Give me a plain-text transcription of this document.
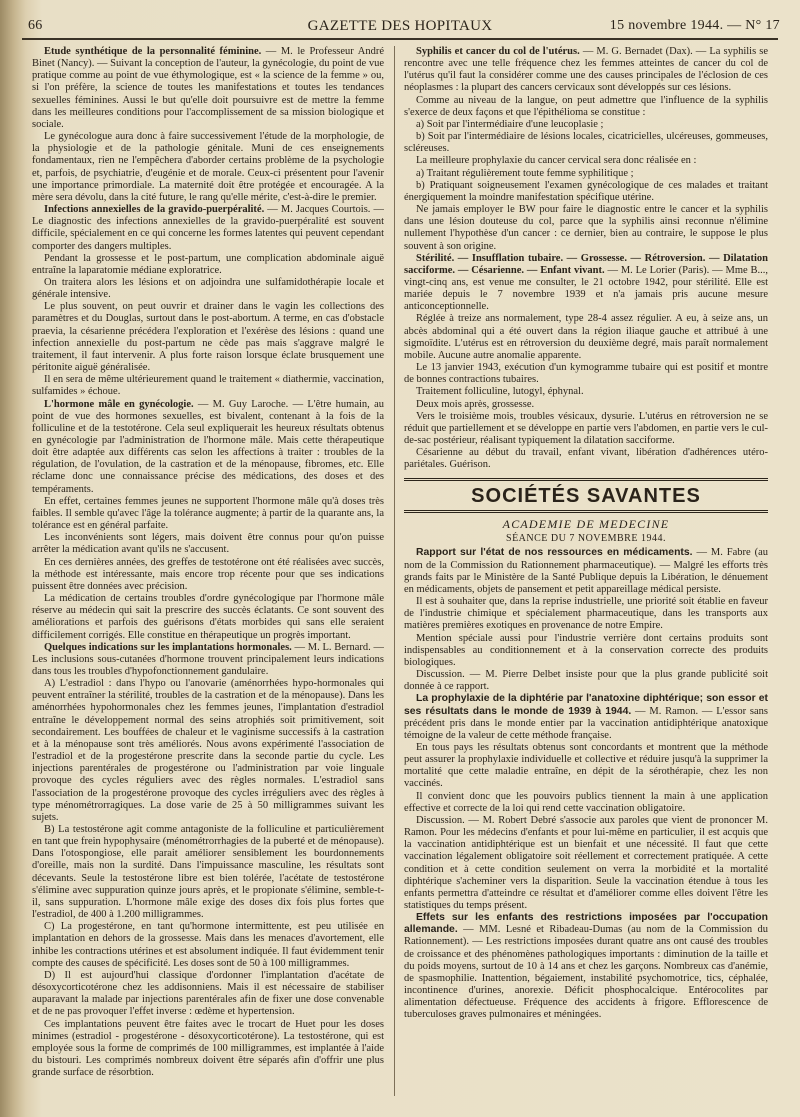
66	GAZETTE DES HOPITAUX	15 novembre 1944. — N° 17

Etude synthétique de la personnalité féminine. — M. le Professeur André Binet (Nancy). — Suivant la conception de l'auteur, la gynécologie, du point de vue pratique comme au point de vue éthymologique, est « la science de la femme » ou, si l'on préfère, la science de toutes les manifestations et toutes les tendances sexuelles féminines. Aussi le but qu'elle doit poursuivre est de mettre la femme dans les meilleures conditions pour l'accomplissement de sa mission biologique et sociale.

Le gynécologue aura donc à faire successivement l'étude de la morphologie, de la physiologie et de la pathologie génitale. Muni de ces enseignements fondamentaux, rien ne l'empêchera d'aborder certains problème de la psychologie et, parfois, de psychiatrie, d'eugénie et de morale. Ceux-ci présentent pour l'avenir une importance primordiale. La maternité doit être protégée et encouragée. A la mère sera dévolu, dans la cité future, le rang qu'elle mérite, c'est-à-dire le premier.

Infections annexielles de la gravido-puerpéralité. — M. Jacques Courtois. — Le diagnostic des infections annexielles de la gravido-puerpéralité est souvent difficile, spécialement en ce qui concerne les formes latentes qui peuvent cependant comporter des dangers multiples.

Pendant la grossesse et le post-partum, une complication abdominale aiguë entraîne la laparatomie médiane exploratrice.

On traitera alors les lésions et on adjoindra une sulfamidothérapie locale et générale intensive.

Le plus souvent, on peut ouvrir et drainer dans le vagin les collections des paramètres et du Douglas, surtout dans le post-abortum. A terme, en cas d'obstacle praevia, la césarienne précédera l'exploration et l'exérèse des lésions : quand une infection annexielle du post-partum ne cède pas mais s'aggrave malgré le traitement, il faut intervenir. A plus forte raison lorsque éclate brusquement une péritonite aiguë généralisée.

Il en sera de même ultérieurement quand le traitement « diathermie, vaccination, sulfamides » échoue.

L'hormone mâle en gynécologie. — M. Guy Laroche. — L'être humain, au point de vue des hormones sexuelles, est bivalent, contenant à la fois de la folliculine et de la testotérone. Cela seul expliquerait les heureux résultats obtenus en gynécologie par l'administration de l'hormone mâle. Mais cette thérapeutique doit être adaptée aux différents cas selon les affections à traiter : troubles de la régulation, de l'ovulation, de la castration et de la ménopause, fibromes, etc. Elle réclame donc une connaissance précise des médications, des doses et des tempéraments.

En effet, certaines femmes jeunes ne supportent l'hormone mâle qu'à doses très faibles. Il semble qu'avec l'âge la tolérance augmente; à partir de la quarante ans, la tolérance est en général parfaite.

Les inconvénients sont légers, mais doivent être connus pour qu'on puisse arrêter la médication avant qu'ils ne s'accusent.

En ces dernières années, des greffes de testotérone ont été réalisées avec succès, la méthode est intéressante, mais encore trop récente pour que ses indications puissent être données avec précision.

La médication de certains troubles d'ordre gynécologique par l'hormone mâle réserve au médecin qui sait la prescrire des succès éclatants. Ce sont souvent des améliorations et parfois des guérisons d'états morbides qui sans elle seraient difficilement corrigés. Elle constitue en thérapeutique un progrès important.

Quelques indications sur les implantations hormonales. — M. L. Bernard. — Les inclusions sous-cutanées d'hormone trouvent principalement leurs indications dans tous les troubles d'hypofonctionnement gandulaire.

A) L'estradiol : dans l'hypo ou l'anovarie (aménorrhées hypo-hormonales qui peuvent entraîner la stérilité, troubles de la castration et de la ménopause). Dans les aménorrhées hypohormonales chez les femmes jeunes, l'implantation d'estradiol entraîne le développement normal des seins atrophiés soit primitivement, soit secondairement. Les bouffées de chaleur et le vaginisme successifs à la castration et à la ménopause sont très améliorés. Nous avons expérimenté l'association de l'estradiol et de la progestérone prescrite dans la seconde partie du cycle. Les injections parentérales de progestérone ou l'administration par voie linguale provoque des cycles réguliers avec des règles normales. L'estradiol sans l'association de la progestérone provoque des cycles irréguliers avec des règles à type ménométrorragiques. La dose varie de 25 à 50 milligrammes suivant les sujets.

B) La testostérone agit comme antagoniste de la folliculine et particulièrement en tant que frein hypophysaire (ménométrorrhagies de la puberté et de ménopause). Dans l'otospongiose, elle parait améliorer sensiblement les bourdonnements d'oreille, mais non la surdité. Dans l'impuissance masculine, les résultats sont décevants. Seule la testostérone libre est bien tolérée, l'acétate de testostérone s'élimine avec suppuration quinze jours après, et le propionate s'élimine, semble-t-il, sans suppuration. L'hormone mâle exige des doses dix fois plus fortes que l'estradiol, de 400 à 1.200 milligrammes.

C) La progestérone, en tant qu'hormone intermittente, est peu utilisée en implantation en dehors de la grossesse. Mais dans les menaces d'avortement, elle inhibe les contractions utérines et est absolument indiquée. Il faut évidemment tenir compte des causes de spécificité. Les doses sont de 50 à 100 milligrammes.

D) Il est aujourd'hui classique d'ordonner l'implantation d'acétate de désoxycorticotérone chez les addisonniens. Mais il est nécessaire de stabiliser auparavant la malade par injections parentérales afin de fixer une dose convenable et de ne pas provoquer l'effet inverse : œdème et hypertension.

Ces implantations peuvent être faites avec le trocart de Huet pour les doses minimes (estradiol - progestérone - désoxycorticotérone). La testostérone, qui est employée sous la forme de comprimés de 100 milligrammes, est implantée à l'aide du bistouri. Les comprimés nombreux doivent être séparés afin d'offrir une plus grande surface de résorbtion.

Syphilis et cancer du col de l'utérus. — M. G. Bernadet (Dax). — La syphilis se rencontre avec une telle fréquence chez les femmes atteintes de cancer du col de l'utérus qu'il faut la considérer comme une des causes principales de l'éclosion de ces néoplasmes : la plupart des cancers cervicaux sont développés sur ces lésions.

Comme au niveau de la langue, on peut admettre que l'influence de la syphilis s'exerce de deux façons et que l'épithélioma se constitue :

a) Soit par l'intermédiaire d'une leucoplasie ;

b) Soit par l'intermédiaire de lésions locales, cicatricielles, ulcéreuses, gommeuses, scléreuses.

La meilleure prophylaxie du cancer cervical sera donc réalisée en :

a) Traitant régulièrement toute femme syphilitique ;

b) Pratiquant soigneusement l'examen gynécologique de ces malades et traitant énergiquement la moindre manifestation spécifique utérine.

Ne jamais employer le BW pour faire le diagnostic entre le cancer et la syphilis dans une lésion douteuse du col, parce que la syphilis ainsi reconnue n'élimine nullement l'hypothèse d'un cancer : ce dernier, bien au contraire, le suppose le plus souvent à son origine.

Stérilité. — Insufflation tubaire. — Grossesse. — Rétroversion. — Dilatation sacciforme. — Césarienne. — Enfant vivant. — M. Le Lorier (Paris). — Mme B..., vingt-cinq ans, est venue me consulter, le 21 octobre 1942, pour stérilité. Elle est mariée depuis le 7 novembre 1939 et n'a jamais pris aucune mesure anticonceptionnelle.

Réglée à treize ans normalement, type 28-4 assez régulier. A eu, à seize ans, un abcès abdominal qui a été ouvert dans la région iliaque gauche et attribué à une sigmoïdite. L'utérus est en rétroversion du deuxième degré, mais paraît normalement mobile. Aucune autre anomalie apparente.

Le 13 janvier 1943, exécution d'un kymogramme tubaire qui est positif et montre de bonnes contractions tubaires.

Traitement folliculine, lutogyl, éphynal.

Deux mois après, grossesse.

Vers le troisième mois, troubles vésicaux, dysurie. L'utérus en rétroversion ne se réduit que partiellement et se développe en partie vers l'abdomen, en partie vers le cul-de-sac postérieur, réalisant typiquement la dilatation sacciforme.

Césarienne au début du travail, enfant vivant, libération d'adhérences utéro-pariétales. Guérison.

SOCIÉTÉS SAVANTES
ACADEMIE DE MEDECINE
SÉANCE DU 7 NOVEMBRE 1944.

Rapport sur l'état de nos ressources en médicaments. — M. Fabre (au nom de la Commission du Rationnement pharmaceutique). — Malgré les efforts très grands faits par le Ministère de la Santé Publique depuis la Libération, le dénuement en médicaments, objets de pansement et petit appareillage médical persiste.

Il est à souhaiter que, dans la reprise industrielle, une priorité soit établie en faveur de l'industrie chimique et spécialement pharmaceutique, dans les transports aux matières premières exotiques en provenance de notre Empire.

Mention spéciale aussi pour l'industrie verrière dont certains produits sont indispensables au conditionnement et à la conservation correcte des produits biologiques.

Discussion. — M. Pierre Delbet insiste pour que la plus grande publicité soit donnée à ce rapport.

La prophylaxie de la diphtérie par l'anatoxine diphtérique; son essor et ses résultats dans le monde de 1939 à 1944. — M. Ramon. — L'essor sans précédent pris dans le monde entier par la vaccination antidiphtérique anatoxique témoigne de la valeur de cette méthode française.

En tous pays les résultats obtenus sont concordants et montrent que la méthode peut assurer la prophylaxie individuelle et collective et réduire jusqu'à la supprimer la mortalité que cette maladie entraîne, en dépit de la sérothérapie, chez les non vaccinés.

Il convient donc que les pouvoirs publics tiennent la main à une application effective et correcte de la loi qui rend cette vaccination obligatoire.

Discussion. — M. Robert Debré s'associe aux paroles que vient de prononcer M. Ramon. Pour les médecins d'enfants et pour lui-même en particulier, il est acquis que la vaccination antidiphtérique est un bienfait et une nécessité. Il faut que cette vaccination légalement obligatoire soit réellement et correctement pratiquée. A cette condition et à cette condition seulement on verra la morbidité et la mortalité diphtérique s'acheminer vers la disparition. Seule la vaccination étendue à tous les enfants permettra d'atteindre ce résultat et d'améliorer comme elles doivent l'être les statistiques du temps présent.

Effets sur les enfants des restrictions imposées par l'occupation allemande. — MM. Lesné et Ribadeau-Dumas (au nom de la Commission du Rationnement). — Les restrictions imposées durant quatre ans ont causé des troubles de croissance et des phénomènes pathologiques importants : diminution de la taille et du poids moyens, surtout de 10 à 14 ans et chez les garçons. Nombreux cas d'anémie, de spasmophilie. Inattention, bégaiement, instabilité psychomotrice, tics, céphalée, incontinence d'urines, anorexie. Déficit phosphocalcique. Entérocolites par alimentation défectueuse. Fréquence des accidents à frigore. Efflorescence de tuberculoses graves pulmonaires et méningées.
